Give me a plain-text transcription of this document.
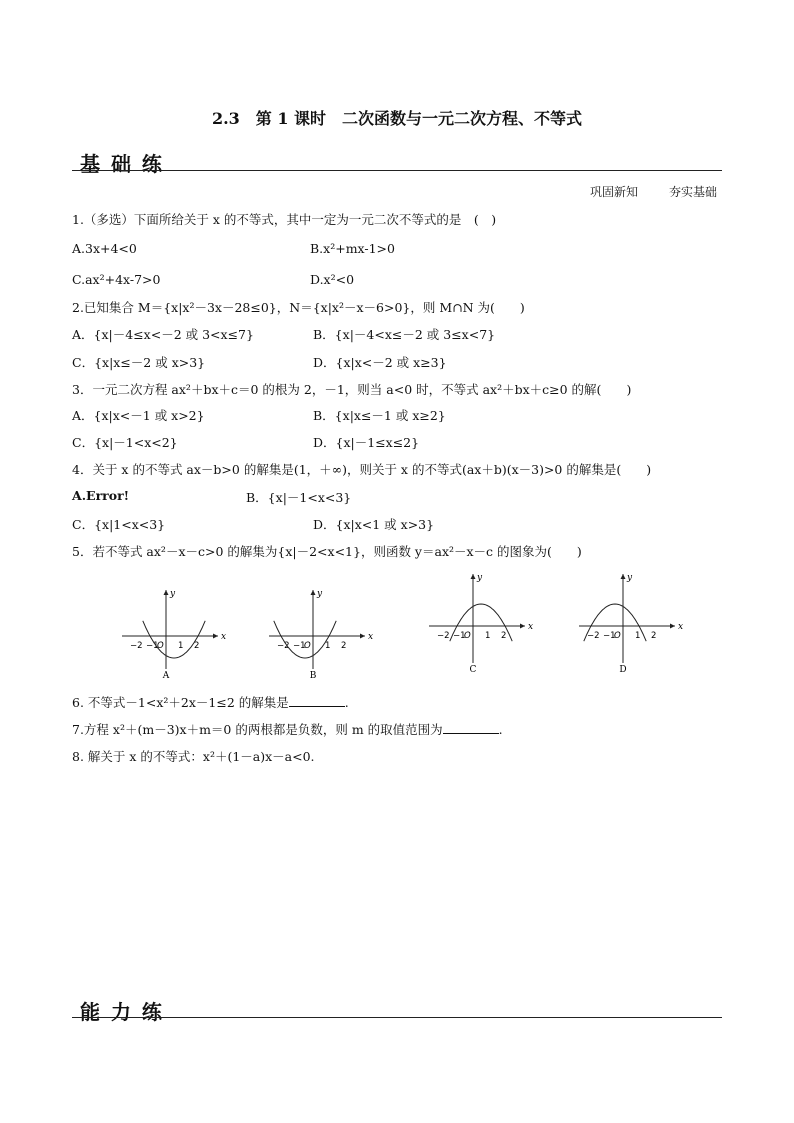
2.3　第 1 课时　二次函数与一元二次方程、不等式
基 础 练
巩固新知	夯实基础
1.（多选）下面所给关于 x 的不等式，其中一定为一元二次不等式的是　(　)
A.3x+4<0	B.x²+mx-1>0
C.ax²+4x-7>0	D.x²<0
2.已知集合 M＝{x|x²－3x－28≤0}，N＝{x|x²－x－6>0}，则 M∩N 为(　　)
A．{x|－4≤x<－2 或 3<x≤7}	B．{x|－4<x≤－2 或 3≤x<7}
C．{x|x≤－2 或 x>3}	D．{x|x<－2 或 x≥3}
3．一元二次方程 ax²＋bx＋c＝0 的根为 2，－1，则当 a<0 时，不等式 ax²＋bx＋c≥0 的解(　　)
A．{x|x<－1 或 x>2}	B．{x|x≤－1 或 x≥2}
C．{x|－1<x<2}	D．{x|－1≤x≤2}
4．关于 x 的不等式 ax－b>0 的解集是(1，＋∞)，则关于 x 的不等式(ax＋b)(x－3)>0 的解集是(　　)
A.Error!	B．{x|－1<x<3}
C．{x|1<x<3}	D．{x|x<1 或 x>3}
5．若不等式 ax²－x－c>0 的解集为{x|－2<x<1}，则函数 y＝ax²－x－c 的图象为(　　)
x
y
−2 −1
O 1 2
A
x
y
−2 −1
O 1 2
B
x
y
−2 −1
O 1 2
C
x
y
−2 −1
O 1 2
D
6. 不等式－1<x²＋2x－1≤2 的解集是	.
7.方程 x²＋(m－3)x＋m＝0 的两根都是负数，则 m 的取值范围为	.
8. 解关于 x 的不等式：x²＋(1－a)x－a<0.
能 力 练
